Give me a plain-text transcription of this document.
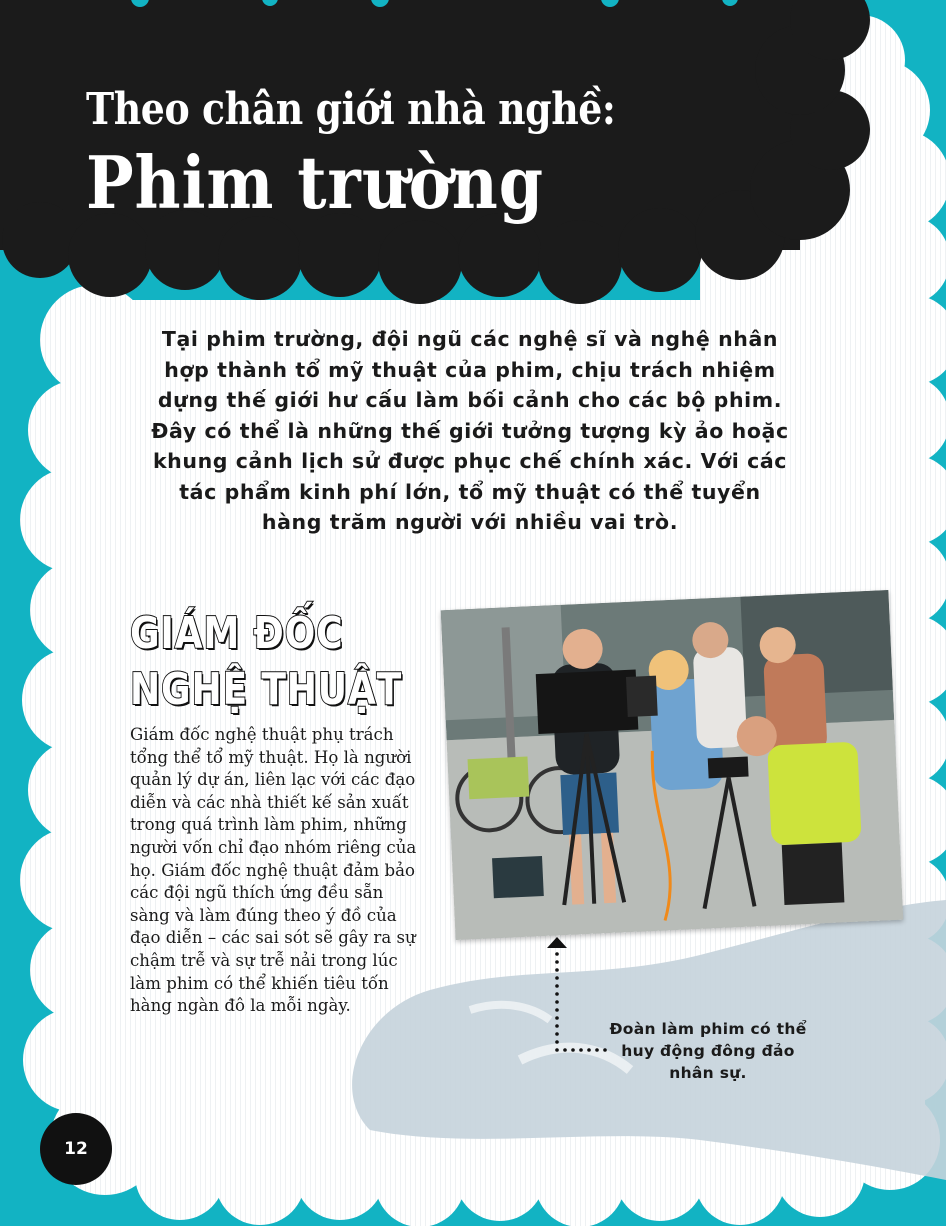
Theo chân giới nhà nghề:
Phim trường
Tại phim trường, đội ngũ các nghệ sĩ và nghệ nhân hợp thành tổ mỹ thuật của phim, chịu trách nhiệm dựng thế giới hư cấu làm bối cảnh cho các bộ phim. Đây có thể là những thế giới tưởng tượng kỳ ảo hoặc khung cảnh lịch sử được phục chế chính xác. Với các tác phẩm kinh phí lớn, tổ mỹ thuật có thể tuyển hàng trăm người với nhiều vai trò.
GIÁM ĐỐC
NGHỆ THUẬT
Giám đốc nghệ thuật phụ trách tổng thể tổ mỹ thuật. Họ là người quản lý dự án, liên lạc với các đạo diễn và các nhà thiết kế sản xuất trong quá trình làm phim, những người vốn chỉ đạo nhóm riêng của họ. Giám đốc nghệ thuật đảm bảo các đội ngũ thích ứng đều sẵn sàng và làm đúng theo ý đồ của đạo diễn – các sai sót sẽ gây ra sự chậm trễ và sự trễ nải trong lúc làm phim có thể khiến tiêu tốn hàng ngàn đô la mỗi ngày.
Đoàn làm phim có thể huy động đông đảo nhân sự.
12
